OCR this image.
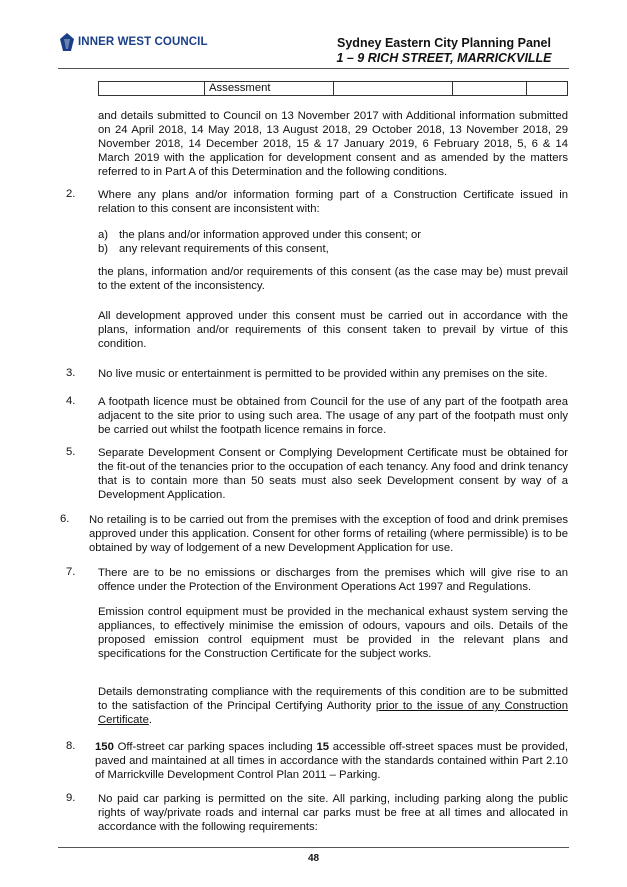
INNER WEST COUNCIL	Sydney Eastern City Planning Panel
1 – 9 RICH STREET, MARRICKVILLE
	Assessment			
and details submitted to Council on 13 November 2017 with Additional information submitted on 24 April 2018, 14 May 2018, 13 August 2018, 29 October 2018, 13 November 2018, 29 November 2018, 14 December 2018, 15 & 17 January 2019, 6 February 2018, 5, 6 & 14 March 2019 with the application for development consent and as amended by the matters referred to in Part A of this Determination and the following conditions.
2. Where any plans and/or information forming part of a Construction Certificate issued in relation to this consent are inconsistent with:
a) the plans and/or information approved under this consent; or
b) any relevant requirements of this consent,
the plans, information and/or requirements of this consent (as the case may be) must prevail to the extent of the inconsistency.
All development approved under this consent must be carried out in accordance with the plans, information and/or requirements of this consent taken to prevail by virtue of this condition.
3. No live music or entertainment is permitted to be provided within any premises on the site.
4. A footpath licence must be obtained from Council for the use of any part of the footpath area adjacent to the site prior to using such area. The usage of any part of the footpath must only be carried out whilst the footpath licence remains in force.
5. Separate Development Consent or Complying Development Certificate must be obtained for the fit-out of the tenancies prior to the occupation of each tenancy. Any food and drink tenancy that is to contain more than 50 seats must also seek Development consent by way of a Development Application.
6. No retailing is to be carried out from the premises with the exception of food and drink premises approved under this application. Consent for other forms of retailing (where permissible) is to be obtained by way of lodgement of a new Development Application for use.
7. There are to be no emissions or discharges from the premises which will give rise to an offence under the Protection of the Environment Operations Act 1997 and Regulations.
Emission control equipment must be provided in the mechanical exhaust system serving the appliances, to effectively minimise the emission of odours, vapours and oils. Details of the proposed emission control equipment must be provided in the relevant plans and specifications for the Construction Certificate for the subject works.
Details demonstrating compliance with the requirements of this condition are to be submitted to the satisfaction of the Principal Certifying Authority prior to the issue of any Construction Certificate.
8. 150 Off-street car parking spaces including 15 accessible off-street spaces must be provided, paved and maintained at all times in accordance with the standards contained within Part 2.10 of Marrickville Development Control Plan 2011 – Parking.
9. No paid car parking is permitted on the site. All parking, including parking along the public rights of way/private roads and internal car parks must be free at all times and allocated in accordance with the following requirements:
48
